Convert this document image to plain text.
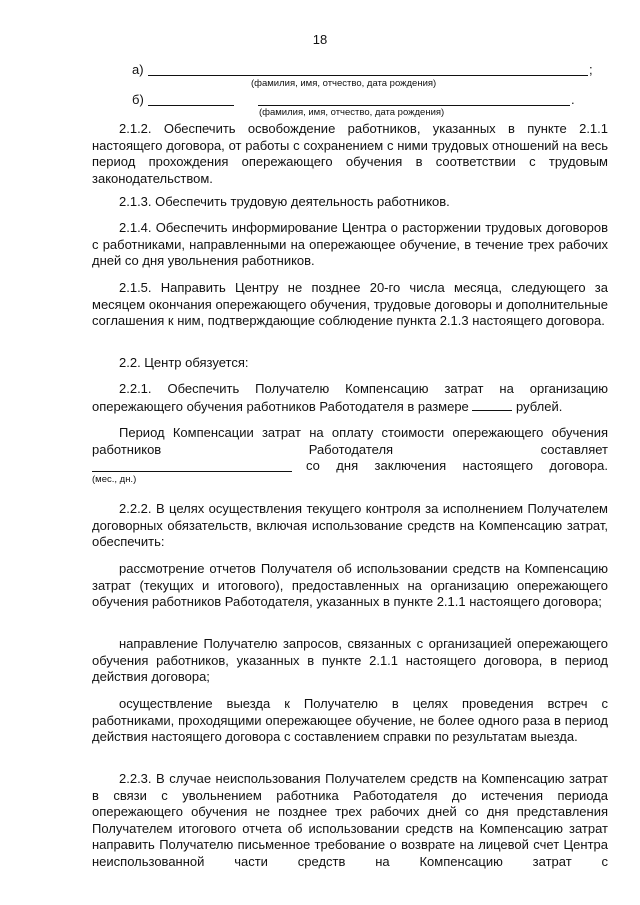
18
а)	;
(фамилия, имя, отчество, дата рождения)
б)	.
(фамилия, имя, отчество, дата рождения)
2.1.2. Обеспечить освобождение работников, указанных в пункте 2.1.1 настоящего договора, от работы с сохранением с ними трудовых отношений на весь период прохождения опережающего обучения в соответствии с трудовым законодательством.
2.1.3. Обеспечить трудовую деятельность работников.
2.1.4. Обеспечить информирование Центра о расторжении трудовых договоров с работниками, направленными на опережающее обучение, в течение трех рабочих дней со дня увольнения работников.
2.1.5. Направить Центру не позднее 20-го числа месяца, следующего за месяцем окончания опережающего обучения, трудовые договоры и дополнительные соглашения к ним, подтверждающие соблюдение пункта 2.1.3 настоящего договора.
2.2. Центр обязуется:
2.2.1. Обеспечить Получателю Компенсацию затрат на организацию опережающего обучения работников Работодателя в размере	рублей.
Период Компенсации затрат на оплату стоимости опережающего обучения работников Работодателя составляет
со дня заключения настоящего договора.
(мес., дн.)
2.2.2. В целях осуществления текущего контроля за исполнением Получателем договорных обязательств, включая использование средств на Компенсацию затрат, обеспечить:
рассмотрение отчетов Получателя об использовании средств на Компенсацию затрат (текущих и итогового), предоставленных на организацию опережающего обучения работников Работодателя, указанных в пункте 2.1.1 настоящего договора;
направление Получателю запросов, связанных с организацией опережающего обучения работников, указанных в пункте 2.1.1 настоящего договора, в период действия договора;
осуществление выезда к Получателю в целях проведения встреч с работниками, проходящими опережающее обучение, не более одного раза в период действия настоящего договора с составлением справки по результатам выезда.
2.2.3. В случае неиспользования Получателем средств на Компенсацию затрат в связи с увольнением работника Работодателя до истечения периода опережающего обучения не позднее трех рабочих дней со дня представления Получателем итогового отчета об использовании средств на Компенсацию затрат направить Получателю письменное требование о возврате на лицевой счет Центра неиспользованной части средств на Компенсацию затрат с
